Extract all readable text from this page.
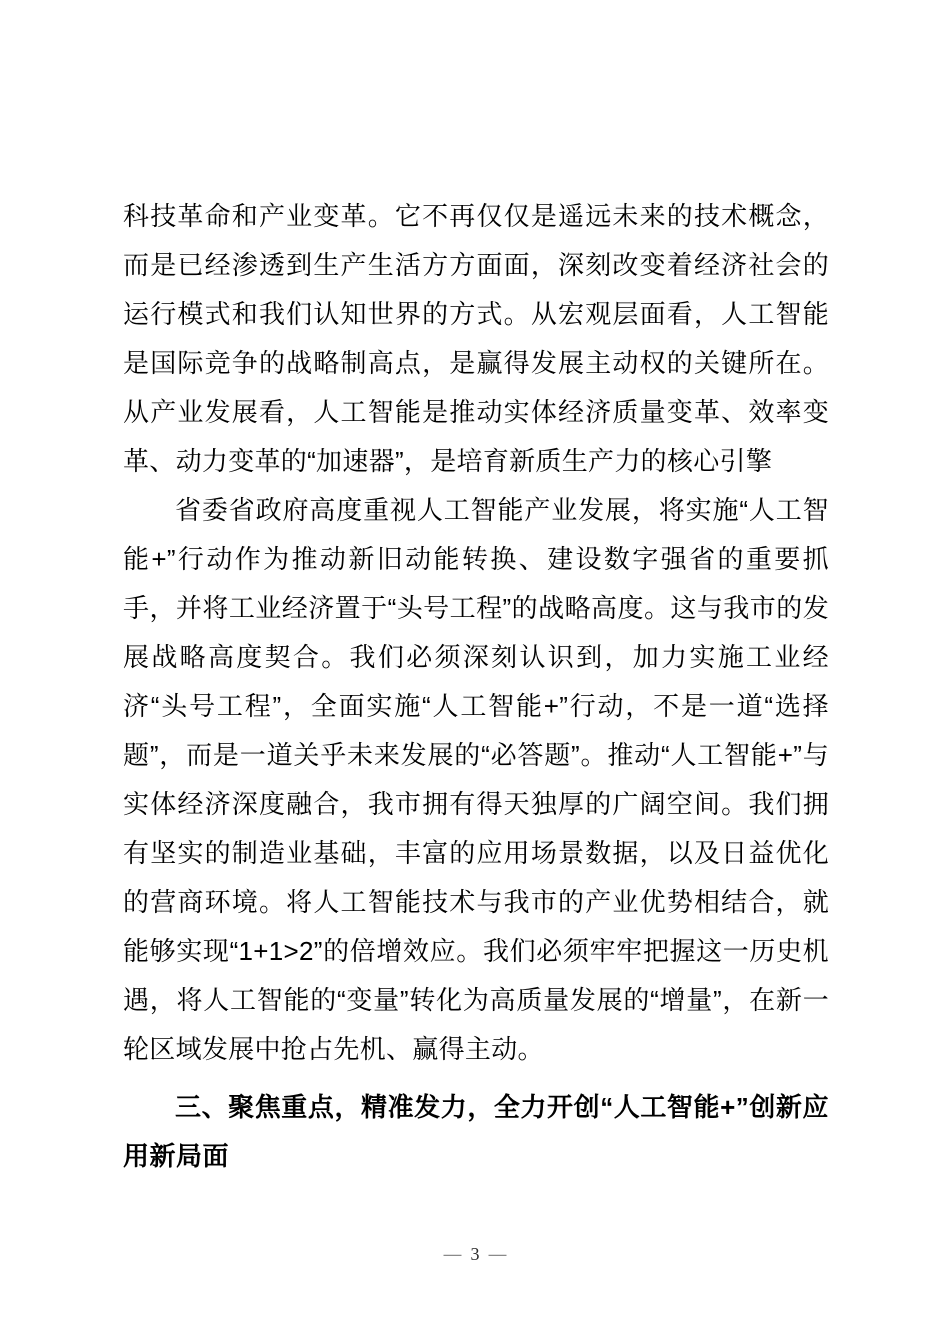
科技革命和产业变革。它不再仅仅是遥远未来的技术概念，而是已经渗透到生产生活方方面面，深刻改变着经济社会的运行模式和我们认知世界的方式。从宏观层面看，人工智能是国际竞争的战略制高点，是赢得发展主动权的关键所在。从产业发展看，人工智能是推动实体经济质量变革、效率变革、动力变革的“加速器”，是培育新质生产力的核心引擎

省委省政府高度重视人工智能产业发展，将实施“人工智能+”行动作为推动新旧动能转换、建设数字强省的重要抓手，并将工业经济置于“头号工程”的战略高度。这与我市的发展战略高度契合。我们必须深刻认识到，加力实施工业经济“头号工程”，全面实施“人工智能+”行动，不是一道“选择题”，而是一道关乎未来发展的“必答题”。推动“人工智能+”与实体经济深度融合，我市拥有得天独厚的广阔空间。我们拥有坚实的制造业基础，丰富的应用场景数据，以及日益优化的营商环境。将人工智能技术与我市的产业优势相结合，就能够实现“1+1>2”的倍增效应。我们必须牢牢把握这一历史机遇，将人工智能的“变量”转化为高质量发展的“增量”，在新一轮区域发展中抢占先机、赢得主动。

三、聚焦重点，精准发力，全力开创“人工智能+”创新应用新局面

— 3 —
